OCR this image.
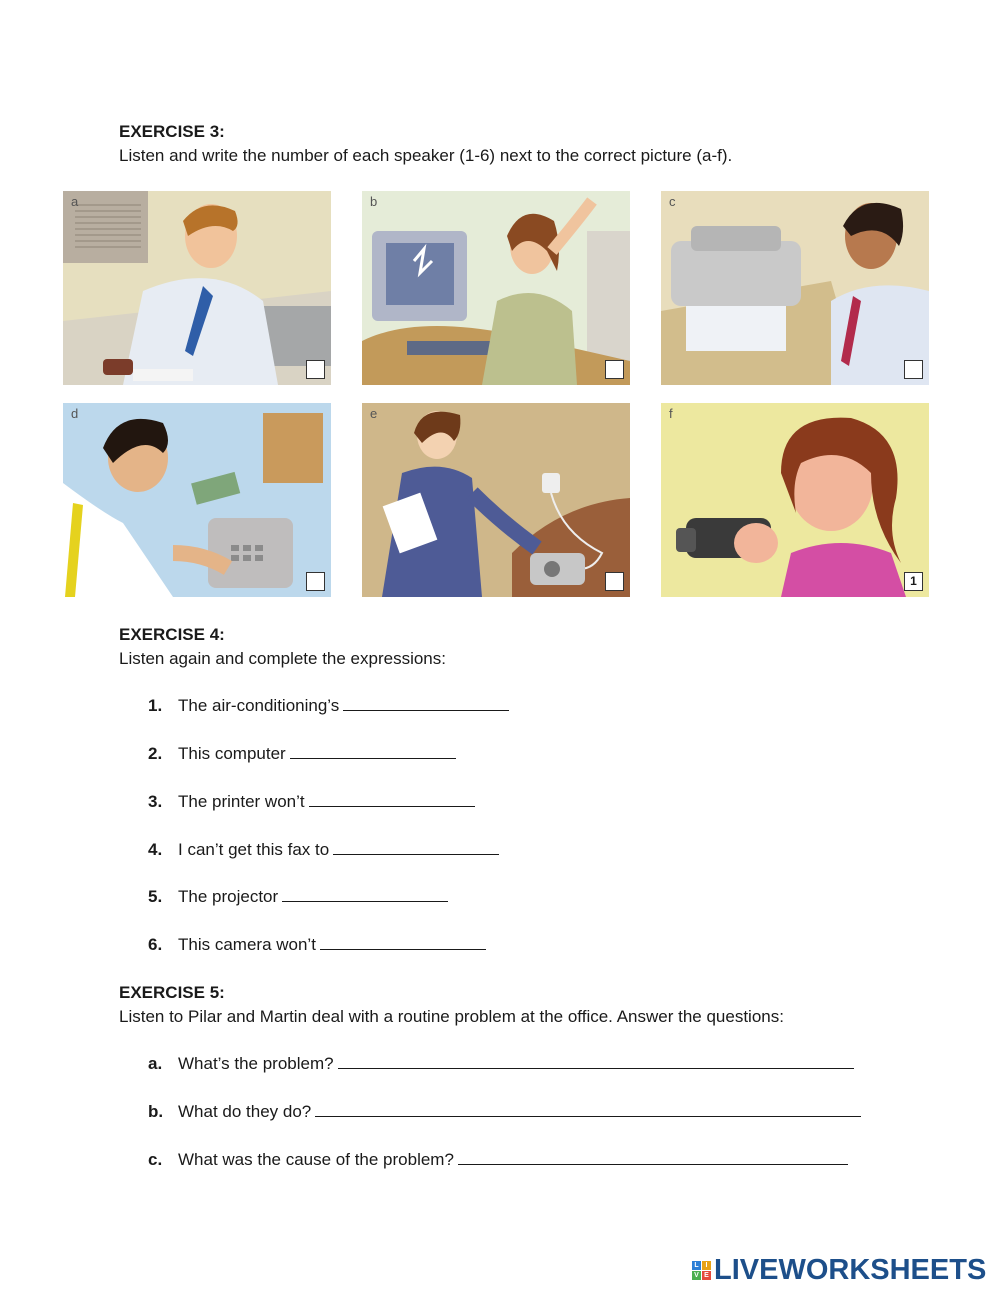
EXERCISE 3:
Listen and write the number of each speaker (1-6) next to the correct picture (a-f).
a	b	c
d	e	f
1
EXERCISE 4:
Listen again and complete the expressions:
1. The air-conditioning’s
2. This computer
3. The printer won’t
4. I can’t get this fax to
5. The projector
6. This camera won’t
EXERCISE 5:
Listen to Pilar and Martin deal with a routine problem at the office. Answer the questions:
a. What’s the problem?
b. What do they do?
c. What was the cause of the problem?
L I
V E LIVEWORKSHEETS
